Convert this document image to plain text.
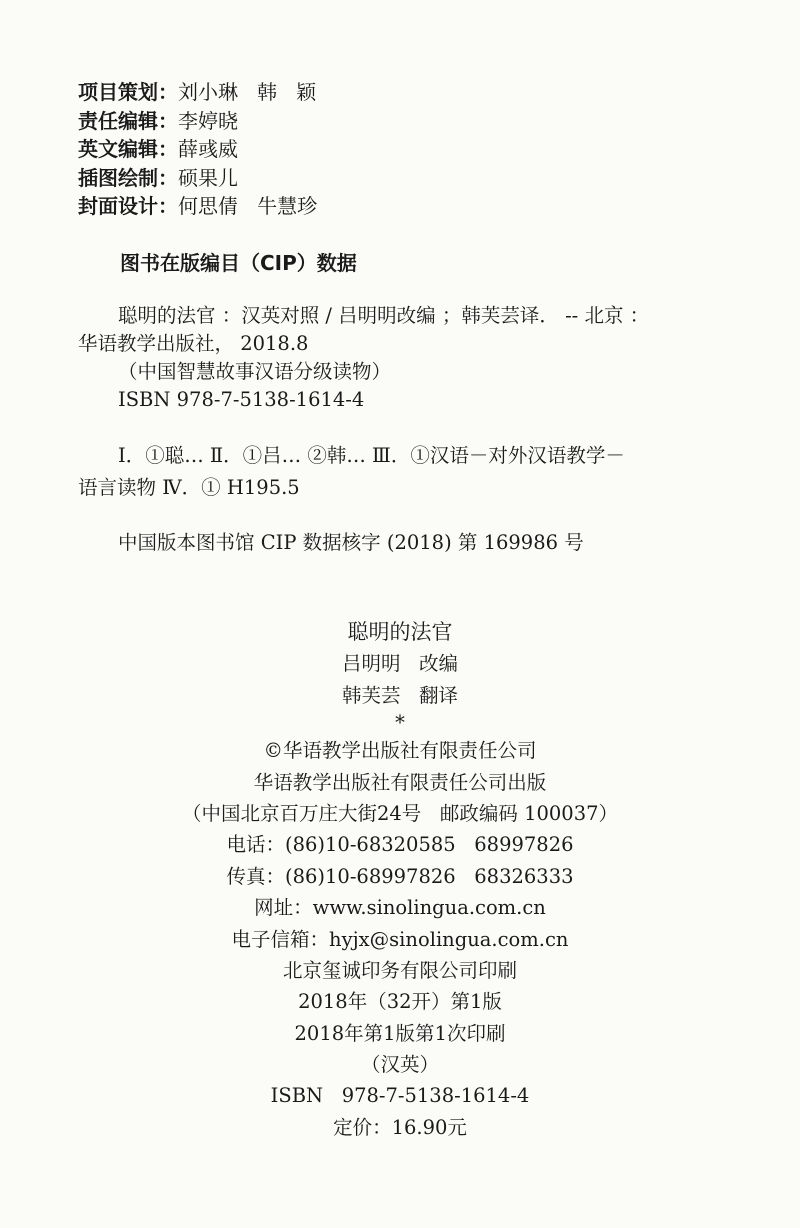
项目策划： 刘小琳   韩   颖
责任编辑： 李婷晓
英文编辑： 薛彧威
插图绘制： 硕果儿
封面设计： 何思倩   牛慧珍
图书在版编目（CIP）数据
聪明的法官 ：汉英对照 / 吕明明改编 ；韩芙芸译． -- 北京 ：
华语教学出版社， 2018.8
（中国智慧故事汉语分级读物）
ISBN 978-7-5138-1614-4
Ⅰ．①聪… Ⅱ．①吕… ②韩… Ⅲ．①汉语－对外汉语教学－
语言读物 Ⅳ．① H195.5
中国版本图书馆 CIP 数据核字 (2018) 第 169986 号
聪明的法官
吕明明   改编
韩芙芸   翻译
*
©华语教学出版社有限责任公司
华语教学出版社有限责任公司出版
（中国北京百万庄大街24号   邮政编码 100037）
电话：(86)10-68320585   68997826
传真：(86)10-68997826   68326333
网址：www.sinolingua.com.cn
电子信箱：hyjx@sinolingua.com.cn
北京玺诚印务有限公司印刷
2018年（32开）第1版
2018年第1版第1次印刷
（汉英）
ISBN   978-7-5138-1614-4
定价：16.90元
